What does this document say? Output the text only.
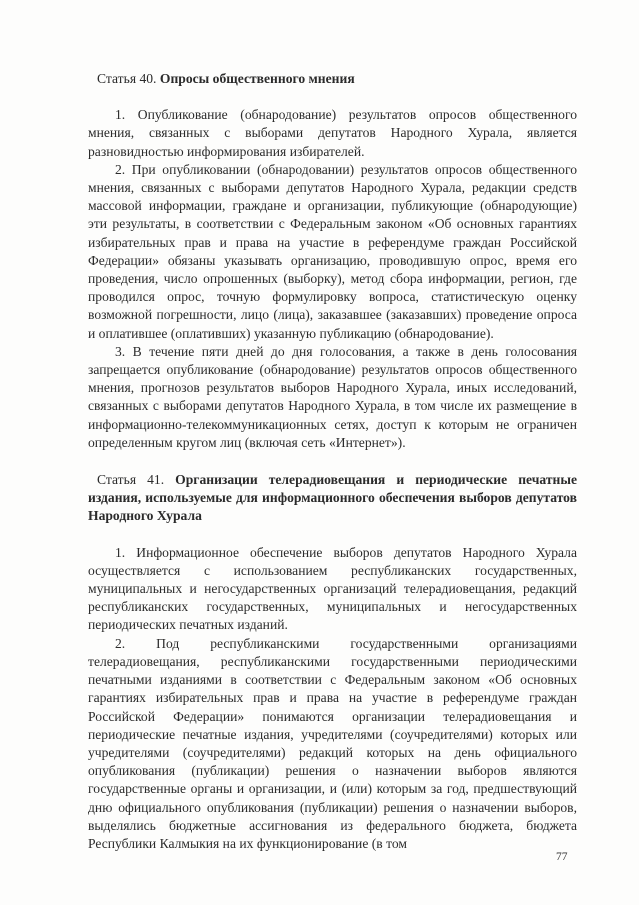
Статья 40. Опросы общественного мнения

1. Опубликование (обнародование) результатов опросов общественного мнения, связанных с выборами депутатов Народного Хурала, является разновидностью информирования избирателей.

2. При опубликовании (обнародовании) результатов опросов общественного мнения, связанных с выборами депутатов Народного Хурала, редакции средств массовой информации, граждане и организации, публикующие (обнародующие) эти результаты, в соответствии с Федеральным законом «Об основных гарантиях избирательных прав и права на участие в референдуме граждан Российской Федерации» обязаны указывать организацию, проводившую опрос, время его проведения, число опрошенных (выборку), метод сбора информации, регион, где проводился опрос, точную формулировку вопроса, статистическую оценку возможной погрешности, лицо (лица), заказавшее (заказавших) проведение опроса и оплатившее (оплативших) указанную публикацию (обнародование).

3. В течение пяти дней до дня голосования, а также в день голосования запрещается опубликование (обнародование) результатов опросов общественного мнения, прогнозов результатов выборов Народного Хурала, иных исследований, связанных с выборами депутатов Народного Хурала, в том числе их размещение в информационно-телекоммуникационных сетях, доступ к которым не ограничен определенным кругом лиц (включая сеть «Интернет»).

Статья 41. Организации телерадиовещания и периодические печатные издания, используемые для информационного обеспечения выборов депутатов Народного Хурала

1. Информационное обеспечение выборов депутатов Народного Хурала осуществляется с использованием республиканских государственных, муниципальных и негосударственных организаций телерадиовещания, редакций республиканских государственных, муниципальных и негосударственных периодических печатных изданий.

2. Под республиканскими государственными организациями телерадиовещания, республиканскими государственными периодическими печатными изданиями в соответствии с Федеральным законом «Об основных гарантиях избирательных прав и права на участие в референдуме граждан Российской Федерации» понимаются организации телерадиовещания и периодические печатные издания, учредителями (соучредителями) которых или учредителями (соучредителями) редакций которых на день официального опубликования (публикации) решения о назначении выборов являются государственные органы и организации, и (или) которым за год, предшествующий дню официального опубликования (публикации) решения о назначении выборов, выделялись бюджетные ассигнования из федерального бюджета, бюджета Республики Калмыкия на их функционирование (в том

77
